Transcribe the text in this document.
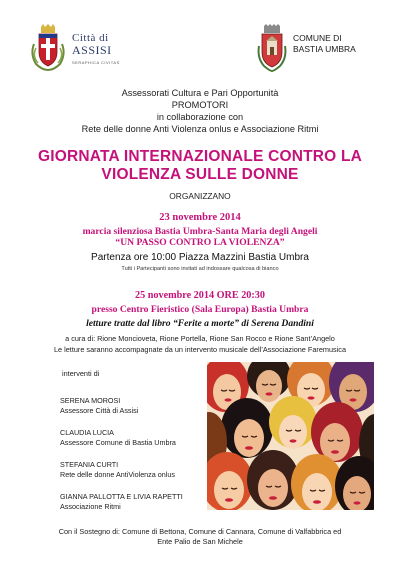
Città di
ASSISI
SERAPHICA CIVITAS
COMUNE DI
BASTIA UMBRA
Assessorati Cultura e Pari Opportunità
PROMOTORI
in collaborazione con
Rete delle donne Anti Violenza onlus e Associazione Ritmi
GIORNATA INTERNAZIONALE CONTRO LA
VIOLENZA SULLE DONNE
ORGANIZZANO
23 novembre 2014
marcia silenziosa Bastia Umbra-Santa Maria degli Angeli
“UN PASSO CONTRO LA VIOLENZA”
Partenza ore 10:00 Piazza Mazzini Bastia Umbra
Tutti i Partecipanti sono invitati ad indossare qualcosa di bianco
25 novembre 2014 ORE 20:30
presso Centro Fieristico (Sala Europa) Bastia Umbra
letture tratte dal libro “Ferite a morte” di Serena Dandini
a cura di: Rione Moncioveta, Rione Portella, Rione San Rocco e Rione Sant’Angelo
Le letture saranno accompagnate da un intervento musicale dell’Associazione Faremusica
interventi di
SERENA MOROSI
Assessore Città di Assisi
CLAUDIA LUCIA
Assessore Comune di Bastia Umbra
STEFANIA CURTI
Rete delle donne AntiViolenza onlus
GIANNA PALLOTTA E LIVIA RAPETTI
Associazione Ritmi
Con il Sostegno di: Comune di Bettona, Comune di Cannara, Comune di Valfabbrica ed
Ente Palio de San Michele
